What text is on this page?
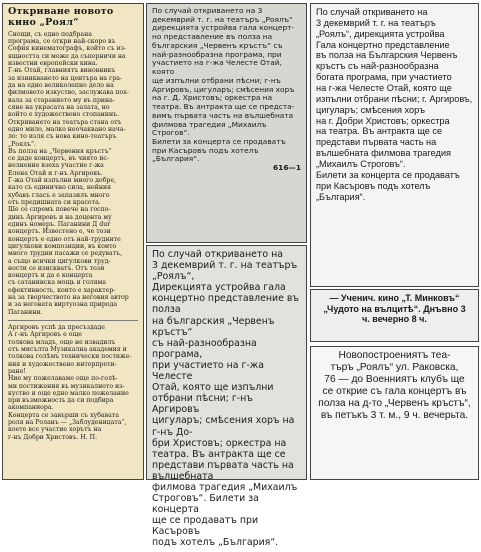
Откриване новото кино „Роял“
Снощи, съ едно подбрана
програма, се откри най-скоро въ
София кинематографъ, който съ из-
ящността си може да съперничи на
известни европейски кина.
Г-нъ Отай, главниятъ виновникъ
за изникването на центъра на гра-
да на едно великолепно дело на
филмовото изкуство, заслужава пох-
вала за старанието му въ прина-
сяне на украсата на залата, но
който е художествено стопанинъ.
Откриването на театъра стана отъ
едно мило, малко неочаквано нача-
ло: то изля съ нова кино-театъръ
„Роялъ“.
Въ полза на „Червения кръстъ“
се даде концертъ, въ чиято ис-
нелнение взеха участие г-жа
Елена Отай и г-нъ Аргировъ.
Г-жа Отай изпълни много добре,
като съ единично сила, нейния
хубавъ гласъ е запазилъ много
отъ предишната си красота.
Ше се спремъ повече на госпо-
динъ Аргировъ и на доцента му
единъ номеръ. Паганини Д dur
концертъ. Известено е, че този
концертъ е едно отъ най-трудните
цигулкови композиции, въ които
много трудни пасажи се редуватъ,
а също всички цигулкови труд-
ности се изискватъ. Отъ този
концертъ и да е концерта
съ сатанинска мощь и голяма
ефективность, които е характер-
на за творчеството на неговия автор
и за неговата виртуозна природа
Паганини.
Аргировъ успѣ да пресъздаде
А г-нъ Аргировъ е още
толкова младъ, още не извадилъ
отъ мисълта Музикална академия и
толкова голѣмъ технически постиже-
ния и художествено интерпрети-
ране!
Ние му пожелаваме още по-голѣ-
ми постижения въ музикалното из-
куство и още едно малко пожелание
при възможность да си подбира
акомпаниора.
Концерта се завърши съ хубавата
роля на Роланъ — „Заблуденицата“,
което все участие хорътъ на
г-нъ Добри Христовъ. Н. П.
По случай откриването на 3
декемврий т. г. на театъръ „Роялъ“
дирекцията устройва гала концерт-
но представление въ полза на
българския „Червенъ кръстъ“ съ
най-разнообразна програма, при
участието на г-жа Челесте Отай, която
ще изпълни отбрани пѣсни; г-нъ
Аргировъ, цигуларъ; смѣсения хоръ
на г. Д. Христовъ; оркестра на
театра. Въ антракта ще се прeдста-
вимъ първата часть на вълшебната
филмова трагедия „Михаилъ Строгов“.
Билети за концерта се продаватъ
при Касъровъ подъ хотелъ
„България“.
616—1
По случай откриването на
3 декемврий т. г. на театъръ „Роялъ“,
Дирекцията устройва гала
концертно представление въ полза
на българския „Червенъ кръстъ“
съ най-разнообразна програма,
при участието на г-жа Челесте
Отай, която ще изпълни
отбрани пѣсни; г-нъ Аргировъ
цигуларъ; смѣсения хоръ на г-нъ До-
бри Христовъ; оркестра на
театра. Въ антракта ще се
представи първата часть на вълшебната
филмова трагедия „Михаилъ
Строговъ“. Билети за концерта
ще се продаватъ при Касъровъ
подъ хотелъ „България“.
По случай откриването на
3 декемврий т. г. на театъръ
„Роялъ“, дирекцията устройва
Гала концертно представление
въ полза на Българския Червенъ
кръстъ съ най-разнообразна
богата програма, при участието
на г-жа Челесте Отай, която ще
изпълни отбрани пѣсни; г. Аргировъ, цигуларъ; смѣсения хоръ
на г. Добри Христовъ; оркестра
на театра. Въ антракта ще се
представи първата часть на вълшебната филмова трагедия „Михаилъ Строговъ“.
Билети за концерта се продаватъ при Касъровъ подъ хотелъ
„България“.
— Ученич. кино „Т. Минковъ“
„Чудото на вълцитѣ“. Днъвно 3
ч. вечерно 8 ч.
Новопостроениятъ тea-
търъ „Роялъ“ ул. Раковска,
76 — до Военниятъ клубъ ще
се открие съ гала концертъ въ
полза на д-то „Червенъ кръстъ“,
въ петъкъ 3 т. м., 9 ч. вечерьта.
